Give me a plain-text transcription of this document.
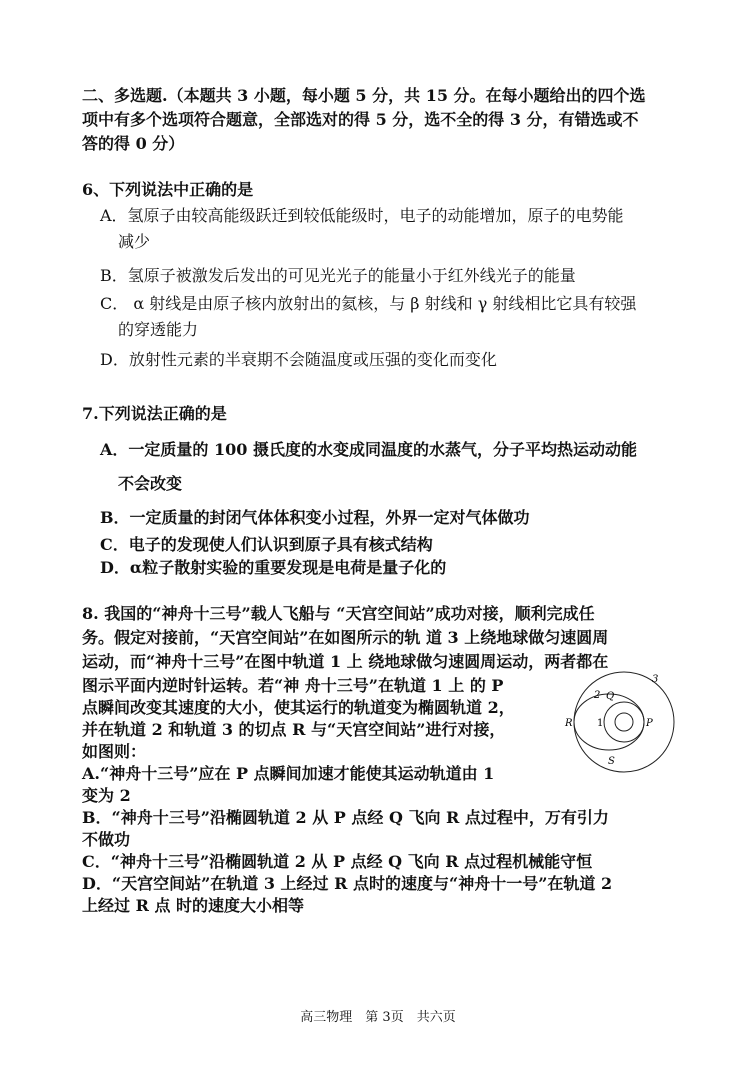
二、多选题.（本题共 3 小题，每小题 5 分，共 15 分。在每小题给出的四个选
项中有多个选项符合题意，全部选对的得 5 分，选不全的得 3 分，有错选或不
答的得 0 分）
6、下列说法中正确的是
A．氢原子由较高能级跃迁到较低能级时，电子的动能增加，原子的电势能
减少
B．氢原子被激发后发出的可见光光子的能量小于红外线光子的能量
C． α 射线是由原子核内放射出的氦核，与 β 射线和 γ 射线相比它具有较强
的穿透能力
D．放射性元素的半衰期不会随温度或压强的变化而变化
7.下列说法正确的是
A．一定质量的 100 摄氏度的水变成同温度的水蒸气，分子平均热运动动能
不会改变
B．一定质量的封闭气体体积变小过程，外界一定对气体做功
C．电子的发现使人们认识到原子具有核式结构
D．α粒子散射实验的重要发现是电荷是量子化的
8. 我国的“神舟十三号”载人飞船与 “天宫空间站”成功对接，顺利完成任
务。假定对接前，“天宫空间站”在如图所示的轨 道 3 上绕地球做匀速圆周
运动，而“神舟十三号”在图中轨道 1 上 绕地球做匀速圆周运动，两者都在
图示平面内逆时针运转。若“神 舟十三号”在轨道 1 上 的 P
点瞬间改变其速度的大小，使其运行的轨道变为椭圆轨道 2，
并在轨道 2 和轨道 3 的切点 R 与“天宫空间站”进行对接，
如图则：
A.“神舟十三号”应在 P 点瞬间加速才能使其运动轨道由 1
变为 2
B．“神舟十三号”沿椭圆轨道 2 从 P 点经 Q 飞向 R 点过程中，万有引力
不做功
C．“神舟十三号”沿椭圆轨道 2 从 P 点经 Q 飞向 R 点过程机械能守恒
D．“天宫空间站”在轨道 3 上经过 R 点时的速度与“神舟十一号”在轨道 2
上经过 R 点 时的速度大小相等
3
2 Q
1	P
R
S
高三物理　第 3页　共六页
